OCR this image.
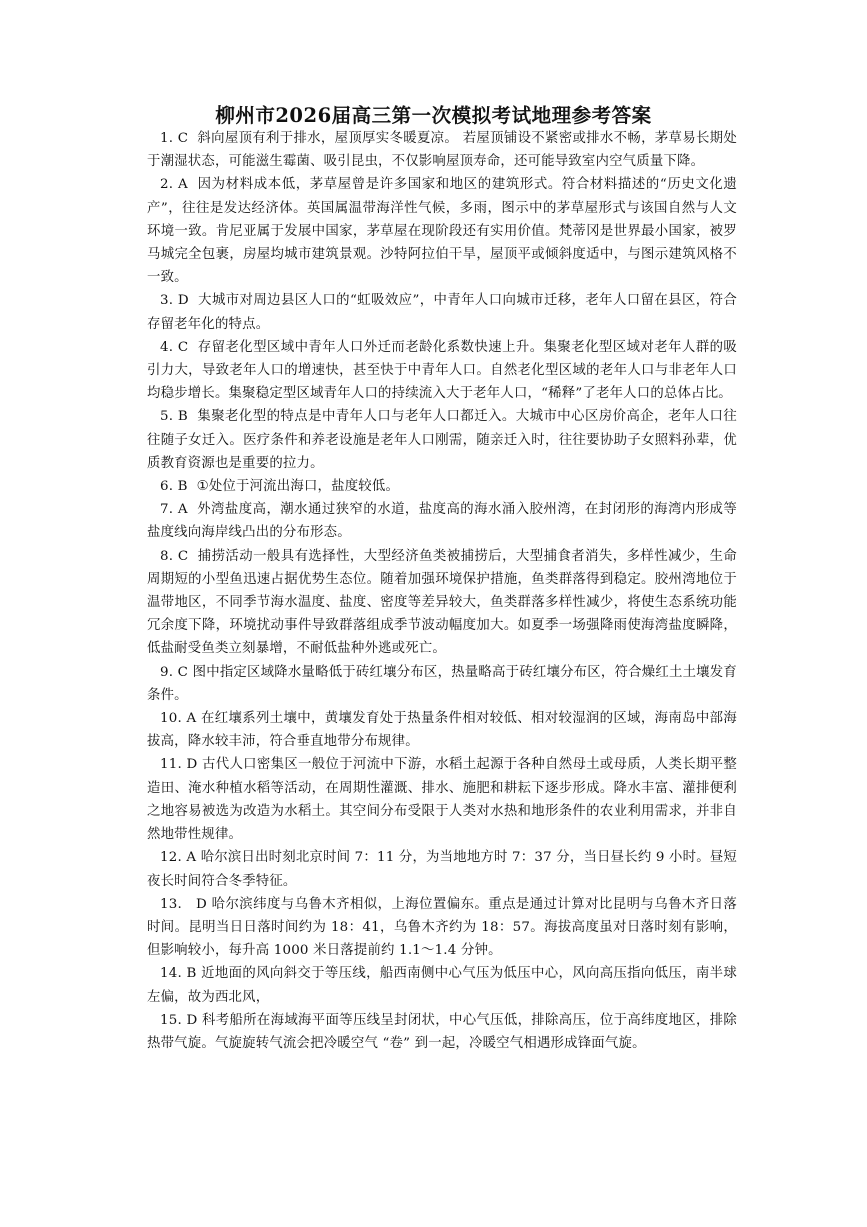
柳州市2026届高三第一次模拟考试地理参考答案

1. C 斜向屋顶有利于排水，屋顶厚实冬暖夏凉。 若屋顶铺设不紧密或排水不畅，茅草易长期处于潮湿状态，可能滋生霉菌、吸引昆虫，不仅影响屋顶寿命，还可能导致室内空气质量下降。

2. A 因为材料成本低，茅草屋曾是许多国家和地区的建筑形式。符合材料描述的“历史文化遗产”，往往是发达经济体。英国属温带海洋性气候，多雨，图示中的茅草屋形式与该国自然与人文环境一致。肯尼亚属于发展中国家，茅草屋在现阶段还有实用价值。梵蒂冈是世界最小国家，被罗马城完全包裹，房屋均城市建筑景观。沙特阿拉伯干旱，屋顶平或倾斜度适中，与图示建筑风格不一致。

3. D 大城市对周边县区人口的“虹吸效应”，中青年人口向城市迁移，老年人口留在县区，符合存留老年化的特点。

4. C 存留老化型区域中青年人口外迁而老龄化系数快速上升。集聚老化型区域对老年人群的吸引力大，导致老年人口的增速快，甚至快于中青年人口。自然老化型区域的老年人口与非老年人口均稳步增长。集聚稳定型区域青年人口的持续流入大于老年人口，“稀释”了老年人口的总体占比。

5. B 集聚老化型的特点是中青年人口与老年人口都迁入。大城市中心区房价高企，老年人口往往随子女迁入。医疗条件和养老设施是老年人口刚需，随亲迁入时，往往要协助子女照料孙辈，优质教育资源也是重要的拉力。

6. B ①处位于河流出海口，盐度较低。

7. A 外湾盐度高，潮水通过狭窄的水道，盐度高的海水涌入胶州湾，在封闭形的海湾内形成等盐度线向海岸线凸出的分布形态。

8. C 捕捞活动一般具有选择性，大型经济鱼类被捕捞后，大型捕食者消失，多样性减少，生命周期短的小型鱼迅速占据优势生态位。随着加强环境保护措施，鱼类群落得到稳定。胶州湾地位于温带地区，不同季节海水温度、盐度、密度等差异较大，鱼类群落多样性减少，将使生态系统功能冗余度下降，环境扰动事件导致群落组成季节波动幅度加大。如夏季一场强降雨使海湾盐度瞬降，低盐耐受鱼类立刻暴增，不耐低盐种外逃或死亡。

9. C 图中指定区域降水量略低于砖红壤分布区，热量略高于砖红壤分布区，符合燥红土土壤发育条件。

10. A 在红壤系列土壤中，黄壤发育处于热量条件相对较低、相对较湿润的区域，海南岛中部海拔高，降水较丰沛，符合垂直地带分布规律。

11. D 古代人口密集区一般位于河流中下游，水稻土起源于各种自然母土或母质，人类长期平整造田、淹水种植水稻等活动，在周期性灌溉、排水、施肥和耕耘下逐步形成。降水丰富、灌排便利之地容易被选为改造为水稻土。其空间分布受限于人类对水热和地形条件的农业利用需求，并非自然地带性规律。

12. A 哈尔滨日出时刻北京时间 7：11 分，为当地地方时 7：37 分，当日昼长约 9 小时。昼短夜长时间符合冬季特征。

13. D 哈尔滨纬度与乌鲁木齐相似，上海位置偏东。重点是通过计算对比昆明与乌鲁木齐日落时间。昆明当日日落时间约为 18：41，乌鲁木齐约为 18：57。海拔高度虽对日落时刻有影响，但影响较小，每升高 1000 米日落提前约 1.1～1.4 分钟。

14. B 近地面的风向斜交于等压线，船西南侧中心气压为低压中心，风向高压指向低压，南半球左偏，故为西北风，

15. D 科考船所在海域海平面等压线呈封闭状，中心气压低，排除高压，位于高纬度地区，排除热带气旋。气旋旋转气流会把冷暖空气 “卷” 到一起，冷暖空气相遇形成锋面气旋。
